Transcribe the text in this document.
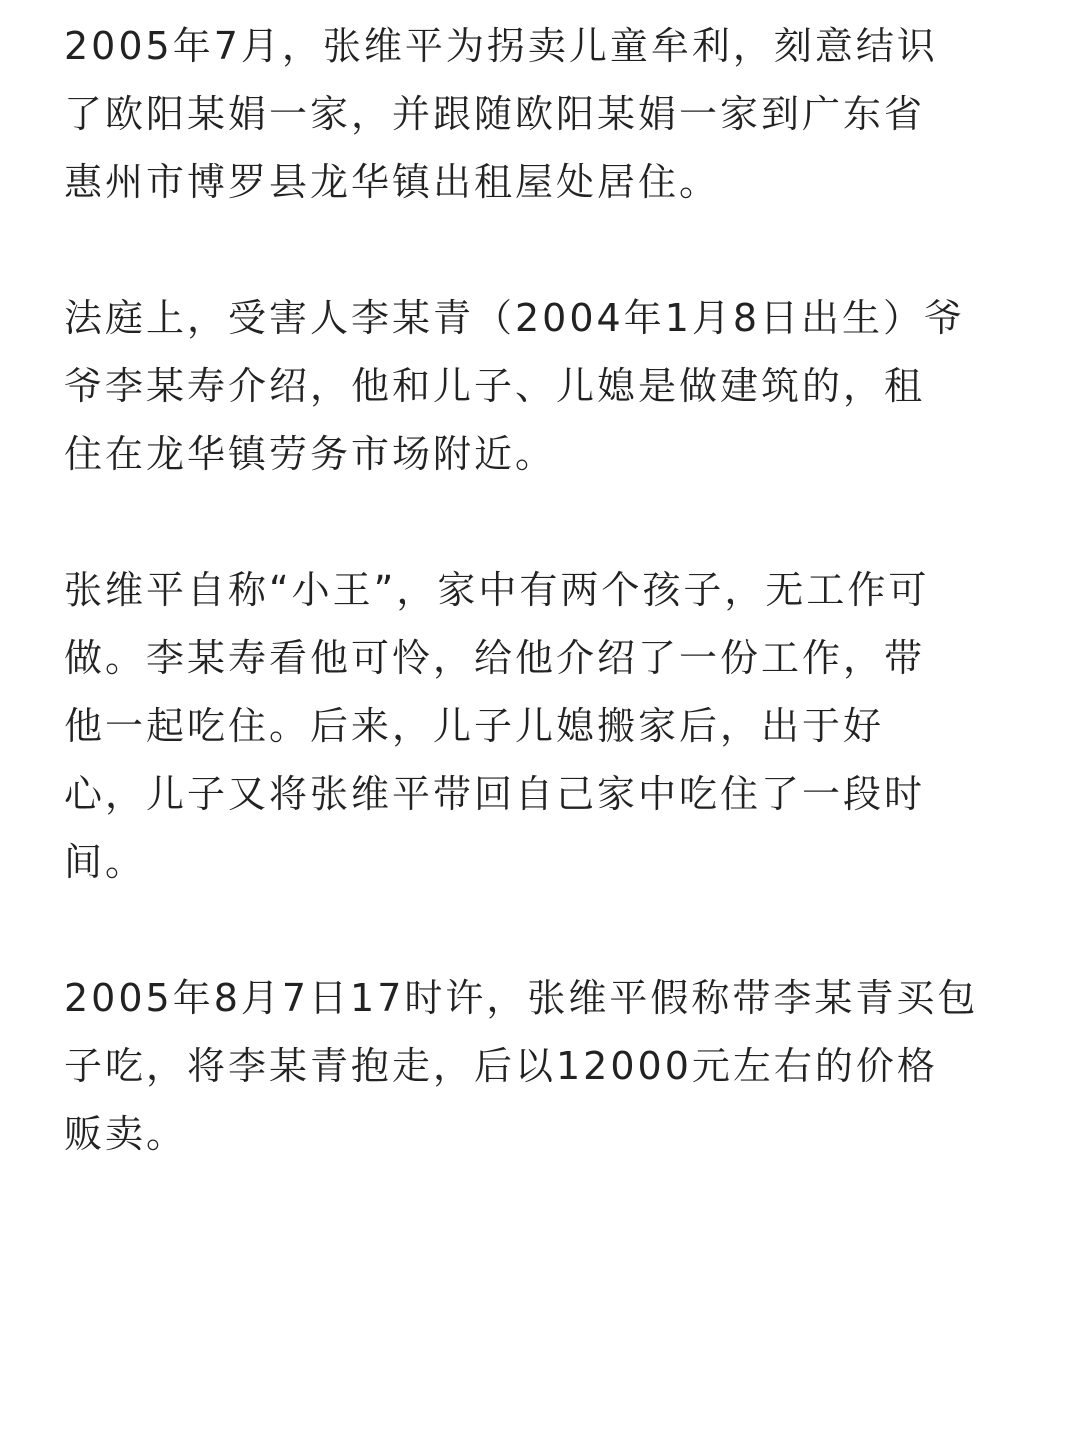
2005年7月，张维平为拐卖儿童牟利，刻意结识
了欧阳某娟一家，并跟随欧阳某娟一家到广东省
惠州市博罗县龙华镇出租屋处居住。

法庭上，受害人李某青（2004年1月8日出生）爷
爷李某寿介绍，他和儿子、儿媳是做建筑的，租
住在龙华镇劳务市场附近。

张维平自称“小王”，家中有两个孩子，无工作可
做。李某寿看他可怜，给他介绍了一份工作，带
他一起吃住。后来，儿子儿媳搬家后，出于好
心，儿子又将张维平带回自己家中吃住了一段时
间。

2005年8月7日17时许，张维平假称带李某青买包
子吃，将李某青抱走，后以12000元左右的价格
贩卖。
